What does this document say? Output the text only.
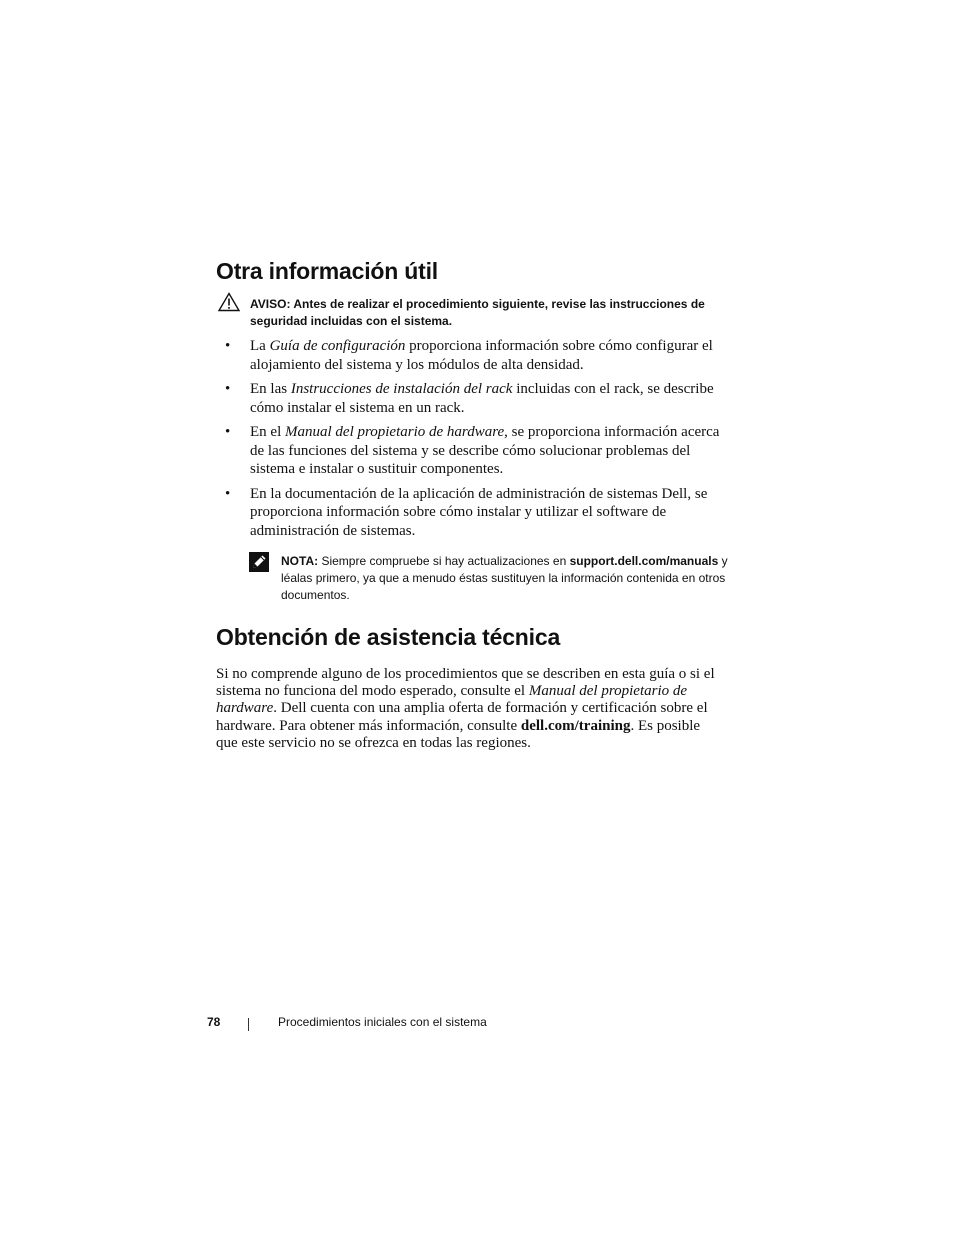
Otra información útil
AVISO: Antes de realizar el procedimiento siguiente, revise las instrucciones de seguridad incluidas con el sistema.
• La Guía de configuración proporciona información sobre cómo configurar el alojamiento del sistema y los módulos de alta densidad.
• En las Instrucciones de instalación del rack incluidas con el rack, se describe cómo instalar el sistema en un rack.
• En el Manual del propietario de hardware, se proporciona información acerca de las funciones del sistema y se describe cómo solucionar problemas del sistema e instalar o sustituir componentes.
• En la documentación de la aplicación de administración de sistemas Dell, se proporciona información sobre cómo instalar y utilizar el software de administración de sistemas.
NOTA: Siempre compruebe si hay actualizaciones en support.dell.com/manuals y léalas primero, ya que a menudo éstas sustituyen la información contenida en otros documentos.
Obtención de asistencia técnica

Si no comprende alguno de los procedimientos que se describen en esta guía o si el sistema no funciona del modo esperado, consulte el Manual del propietario de hardware. Dell cuenta con una amplia oferta de formación y certificación sobre el hardware. Para obtener más información, consulte dell.com/training. Es posible que este servicio no se ofrezca en todas las regiones.

78	Procedimientos iniciales con el sistema
